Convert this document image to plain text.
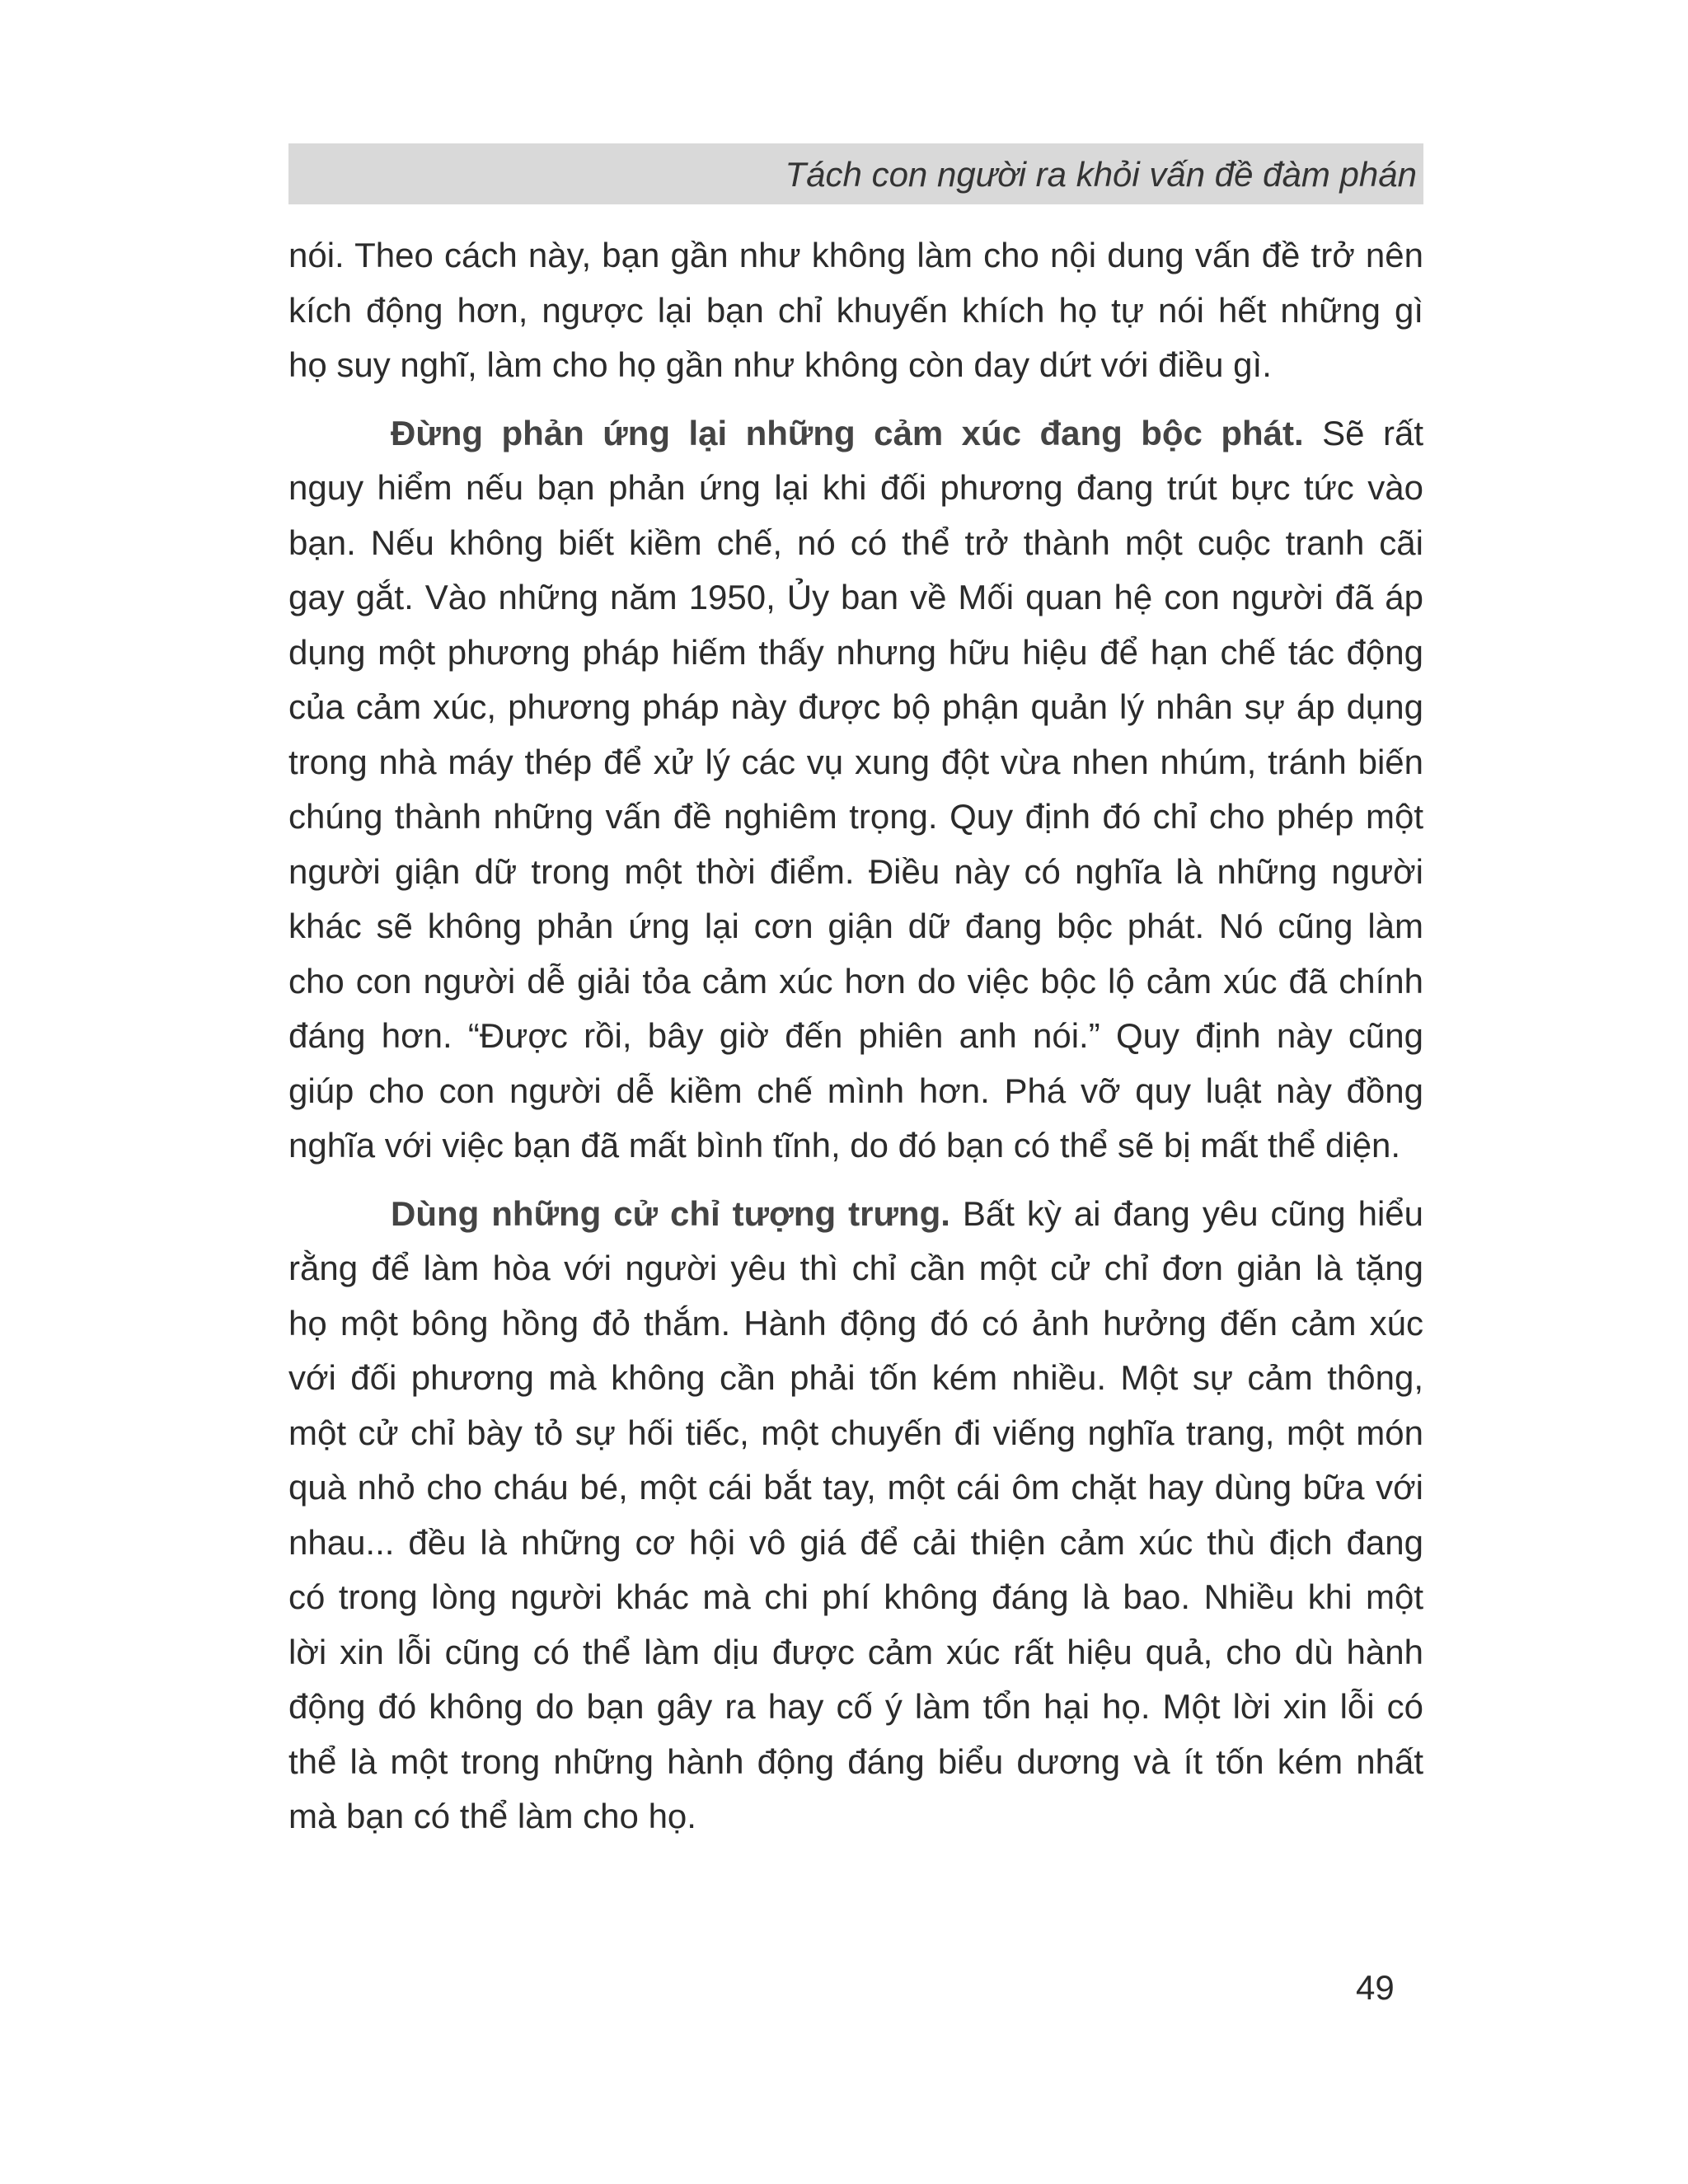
Tách con người ra khỏi vấn đề đàm phán
nói. Theo cách này, bạn gần như không làm cho nội dung vấn đề trở nên
kích động hơn, ngược lại bạn chỉ khuyến khích họ tự nói hết những gì
họ suy nghĩ, làm cho họ gần như không còn day dứt với điều gì.
Đừng phản ứng lại những cảm xúc đang bộc phát. Sẽ rất
nguy hiểm nếu bạn phản ứng lại khi đối phương đang trút bực tức vào
bạn. Nếu không biết kiềm chế, nó có thể trở thành một cuộc tranh cãi
gay gắt. Vào những năm 1950, Ủy ban về Mối quan hệ con người đã áp
dụng một phương pháp hiếm thấy nhưng hữu hiệu để hạn chế tác động
của cảm xúc, phương pháp này được bộ phận quản lý nhân sự áp dụng
trong nhà máy thép để xử lý các vụ xung đột vừa nhen nhúm, tránh biến
chúng thành những vấn đề nghiêm trọng. Quy định đó chỉ cho phép một
người giận dữ trong một thời điểm. Điều này có nghĩa là những người
khác sẽ không phản ứng lại cơn giận dữ đang bộc phát. Nó cũng làm
cho con người dễ giải tỏa cảm xúc hơn do việc bộc lộ cảm xúc đã chính
đáng hơn. “Được rồi, bây giờ đến phiên anh nói.” Quy định này cũng
giúp cho con người dễ kiềm chế mình hơn. Phá vỡ quy luật này đồng
nghĩa với việc bạn đã mất bình tĩnh, do đó bạn có thể sẽ bị mất thể diện.
Dùng những cử chỉ tượng trưng. Bất kỳ ai đang yêu cũng hiểu
rằng để làm hòa với người yêu thì chỉ cần một cử chỉ đơn giản là tặng
họ một bông hồng đỏ thắm. Hành động đó có ảnh hưởng đến cảm xúc
với đối phương mà không cần phải tốn kém nhiều. Một sự cảm thông,
một cử chỉ bày tỏ sự hối tiếc, một chuyến đi viếng nghĩa trang, một món
quà nhỏ cho cháu bé, một cái bắt tay, một cái ôm chặt hay dùng bữa với
nhau... đều là những cơ hội vô giá để cải thiện cảm xúc thù địch đang
có trong lòng người khác mà chi phí không đáng là bao. Nhiều khi một
lời xin lỗi cũng có thể làm dịu được cảm xúc rất hiệu quả, cho dù hành
động đó không do bạn gây ra hay cố ý làm tổn hại họ. Một lời xin lỗi có
thể là một trong những hành động đáng biểu dương và ít tốn kém nhất
mà bạn có thể làm cho họ.
49
